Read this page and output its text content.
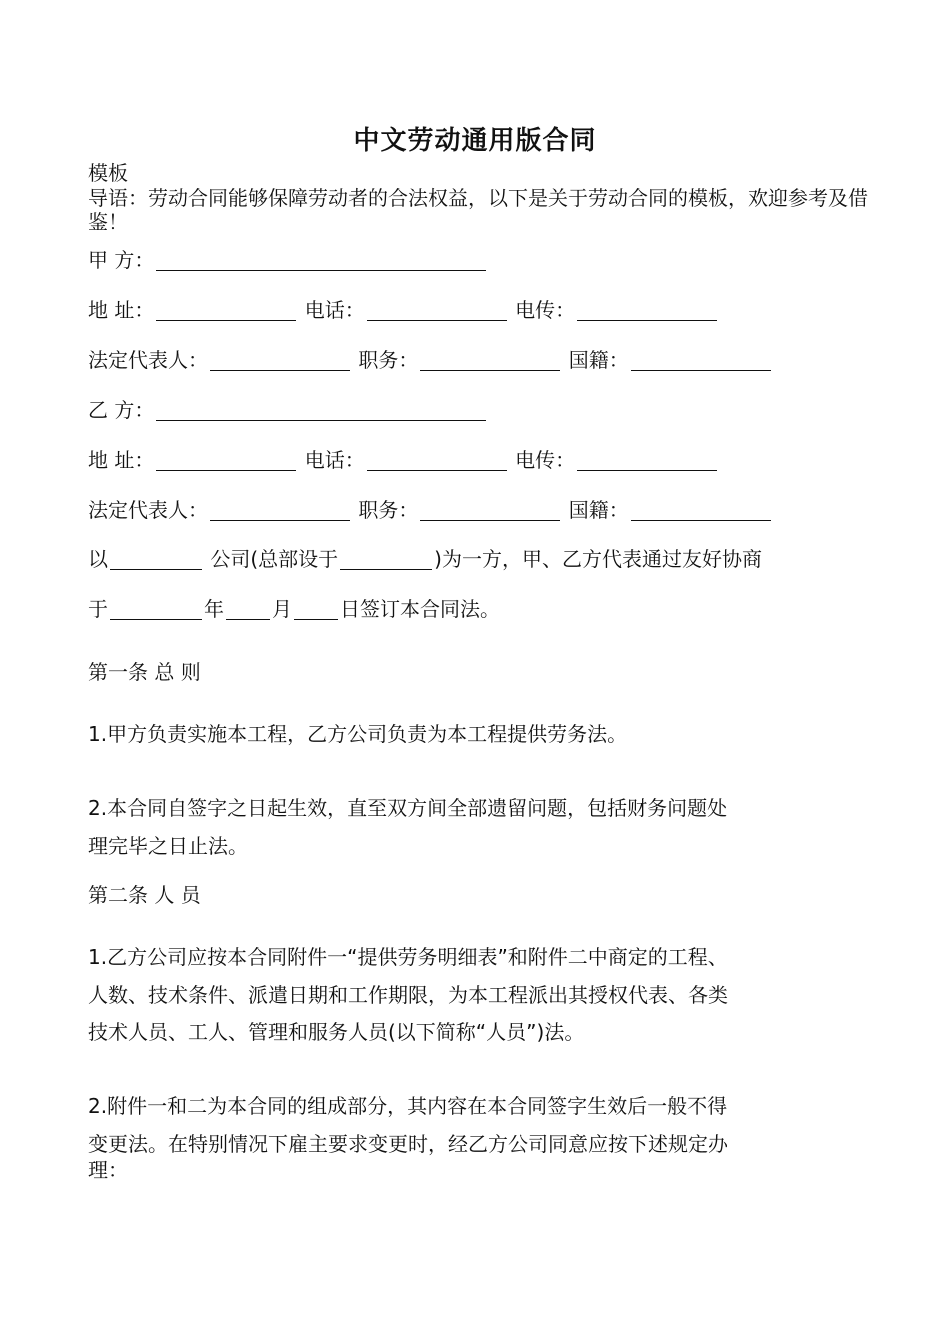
中文劳动通用版合同
模板
导语：劳动合同能够保障劳动者的合法权益，以下是关于劳动合同的模板，欢迎参考及借鉴！
甲 方：
地 址：	电话：	电传：
法定代表人：	职务：	国籍：
乙 方：
地 址：	电话：	电传：
法定代表人：	职务：	国籍：
以	公司(总部设于	)为一方，甲、乙方代表通过友好协商
于	年 月 日签订本合同法。
第一条 总 则
1.甲方负责实施本工程，乙方公司负责为本工程提供劳务法。
2.本合同自签字之日起生效，直至双方间全部遗留问题，包括财务问题处
理完毕之日止法。
第二条 人 员
1.乙方公司应按本合同附件一“提供劳务明细表”和附件二中商定的工程、
人数、技术条件、派遣日期和工作期限，为本工程派出其授权代表、各类
技术人员、工人、管理和服务人员(以下简称“人员”)法。
2.附件一和二为本合同的组成部分，其内容在本合同签字生效后一般不得
变更法。在特别情况下雇主要求变更时，经乙方公司同意应按下述规定办
理：
